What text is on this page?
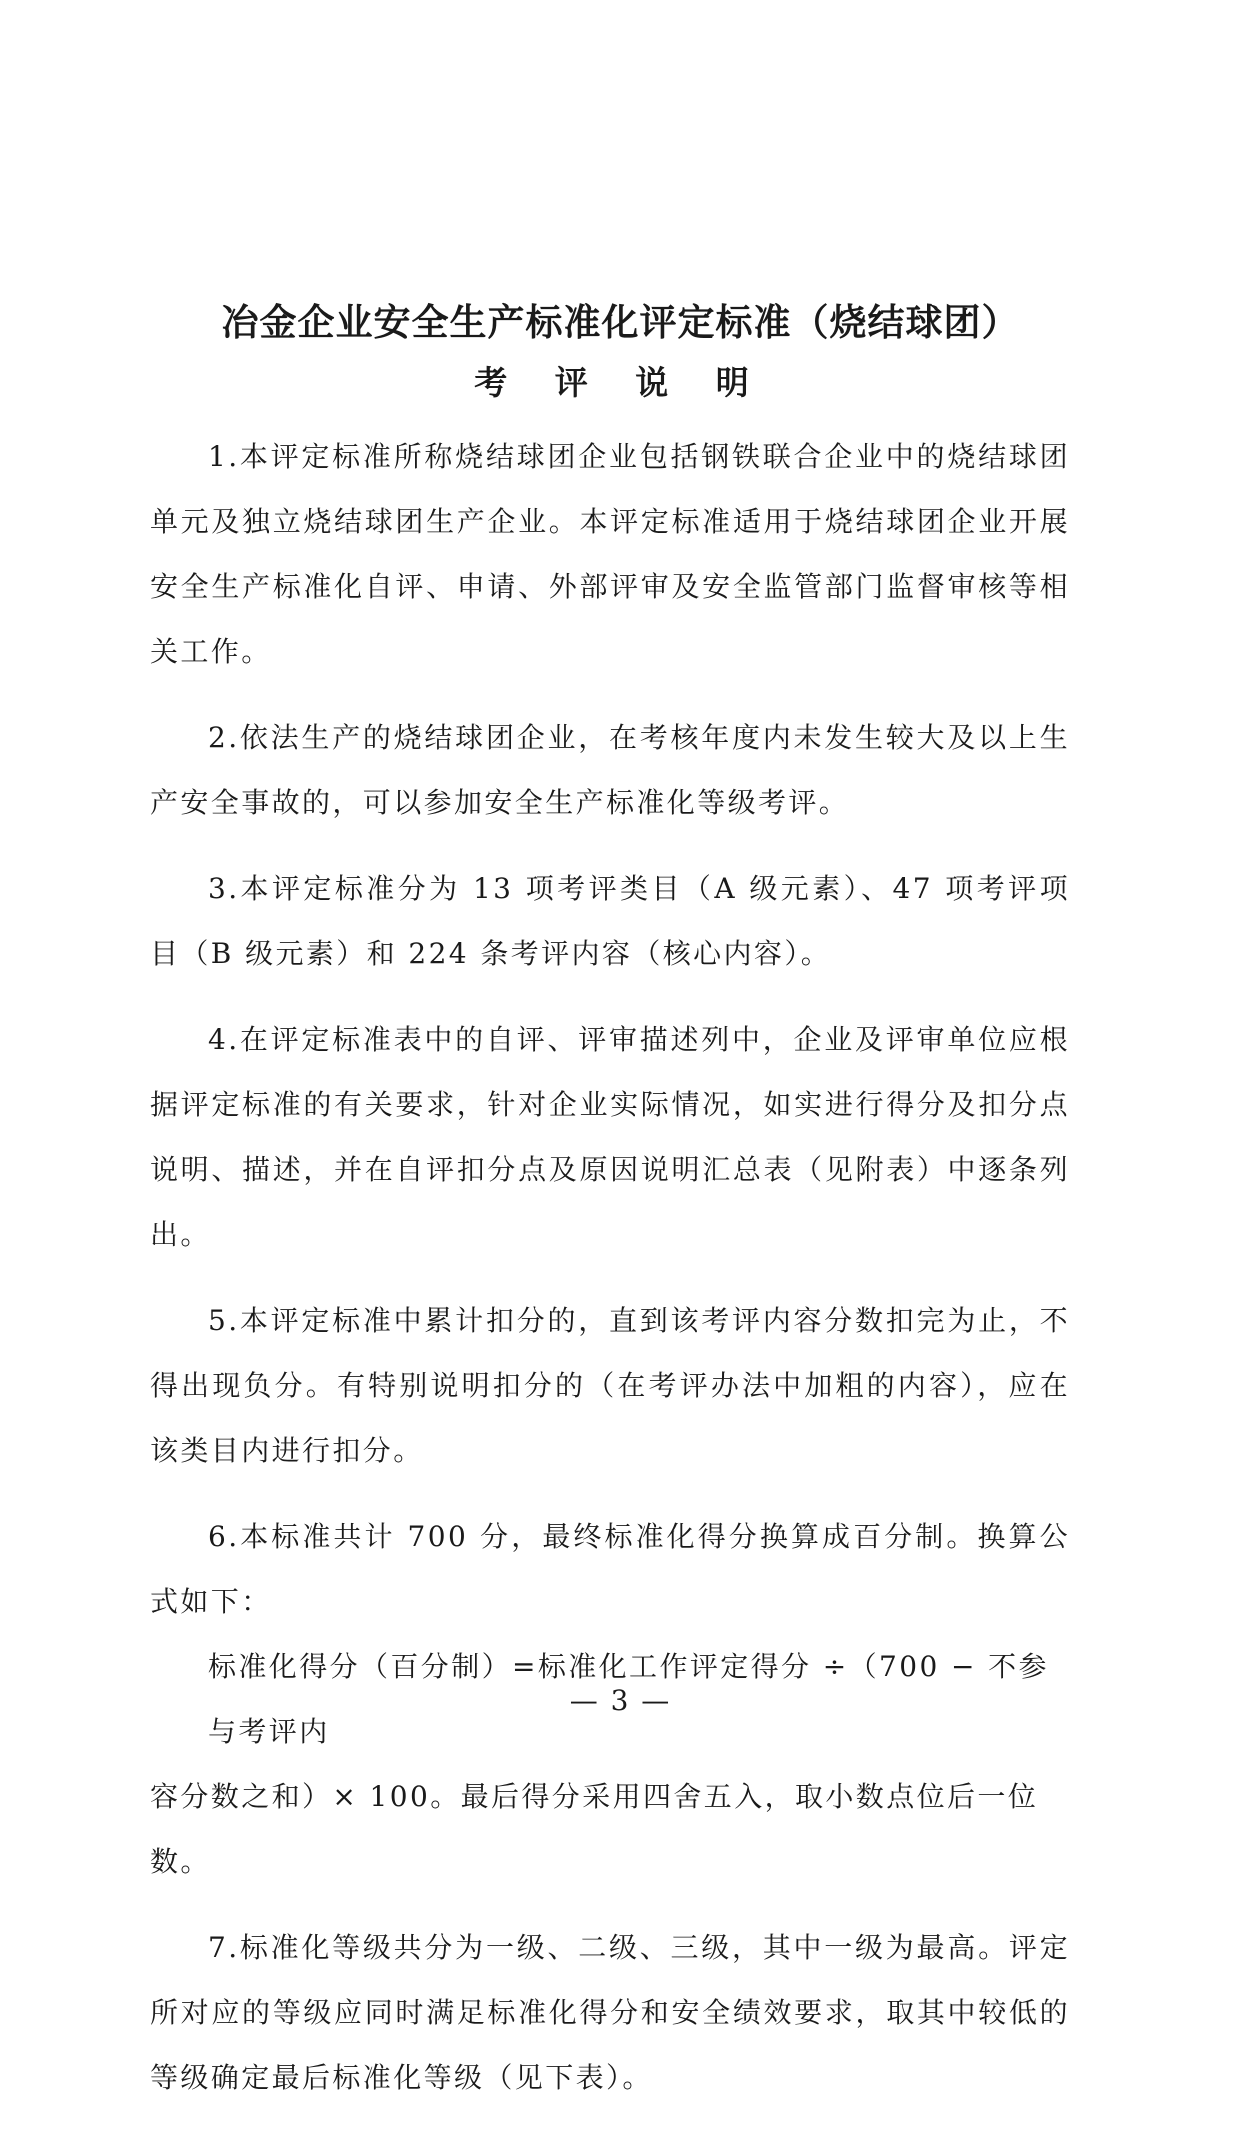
冶金企业安全生产标准化评定标准（烧结球团）
考 评 说 明

1.本评定标准所称烧结球团企业包括钢铁联合企业中的烧结球团单元及独立烧结球团生产企业。本评定标准适用于烧结球团企业开展安全生产标准化自评、申请、外部评审及安全监管部门监督审核等相关工作。

2.依法生产的烧结球团企业，在考核年度内未发生较大及以上生产安全事故的，可以参加安全生产标准化等级考评。

3.本评定标准分为 13 项考评类目（A 级元素）、47 项考评项目（B 级元素）和 224 条考评内容（核心内容）。

4.在评定标准表中的自评、评审描述列中，企业及评审单位应根据评定标准的有关要求，针对企业实际情况，如实进行得分及扣分点说明、描述，并在自评扣分点及原因说明汇总表（见附表）中逐条列出。

5.本评定标准中累计扣分的，直到该考评内容分数扣完为止，不得出现负分。有特别说明扣分的（在考评办法中加粗的内容），应在该类目内进行扣分。

6.本标准共计 700 分，最终标准化得分换算成百分制。换算公式如下：

标准化得分（百分制）=标准化工作评定得分 ÷（700 − 不参与考评内
容分数之和）× 100。最后得分采用四舍五入，取小数点位后一位数。

7.标准化等级共分为一级、二级、三级，其中一级为最高。评定所对应的等级应同时满足标准化得分和安全绩效要求，取其中较低的等级确定最后标准化等级（见下表）。

— 3 —
